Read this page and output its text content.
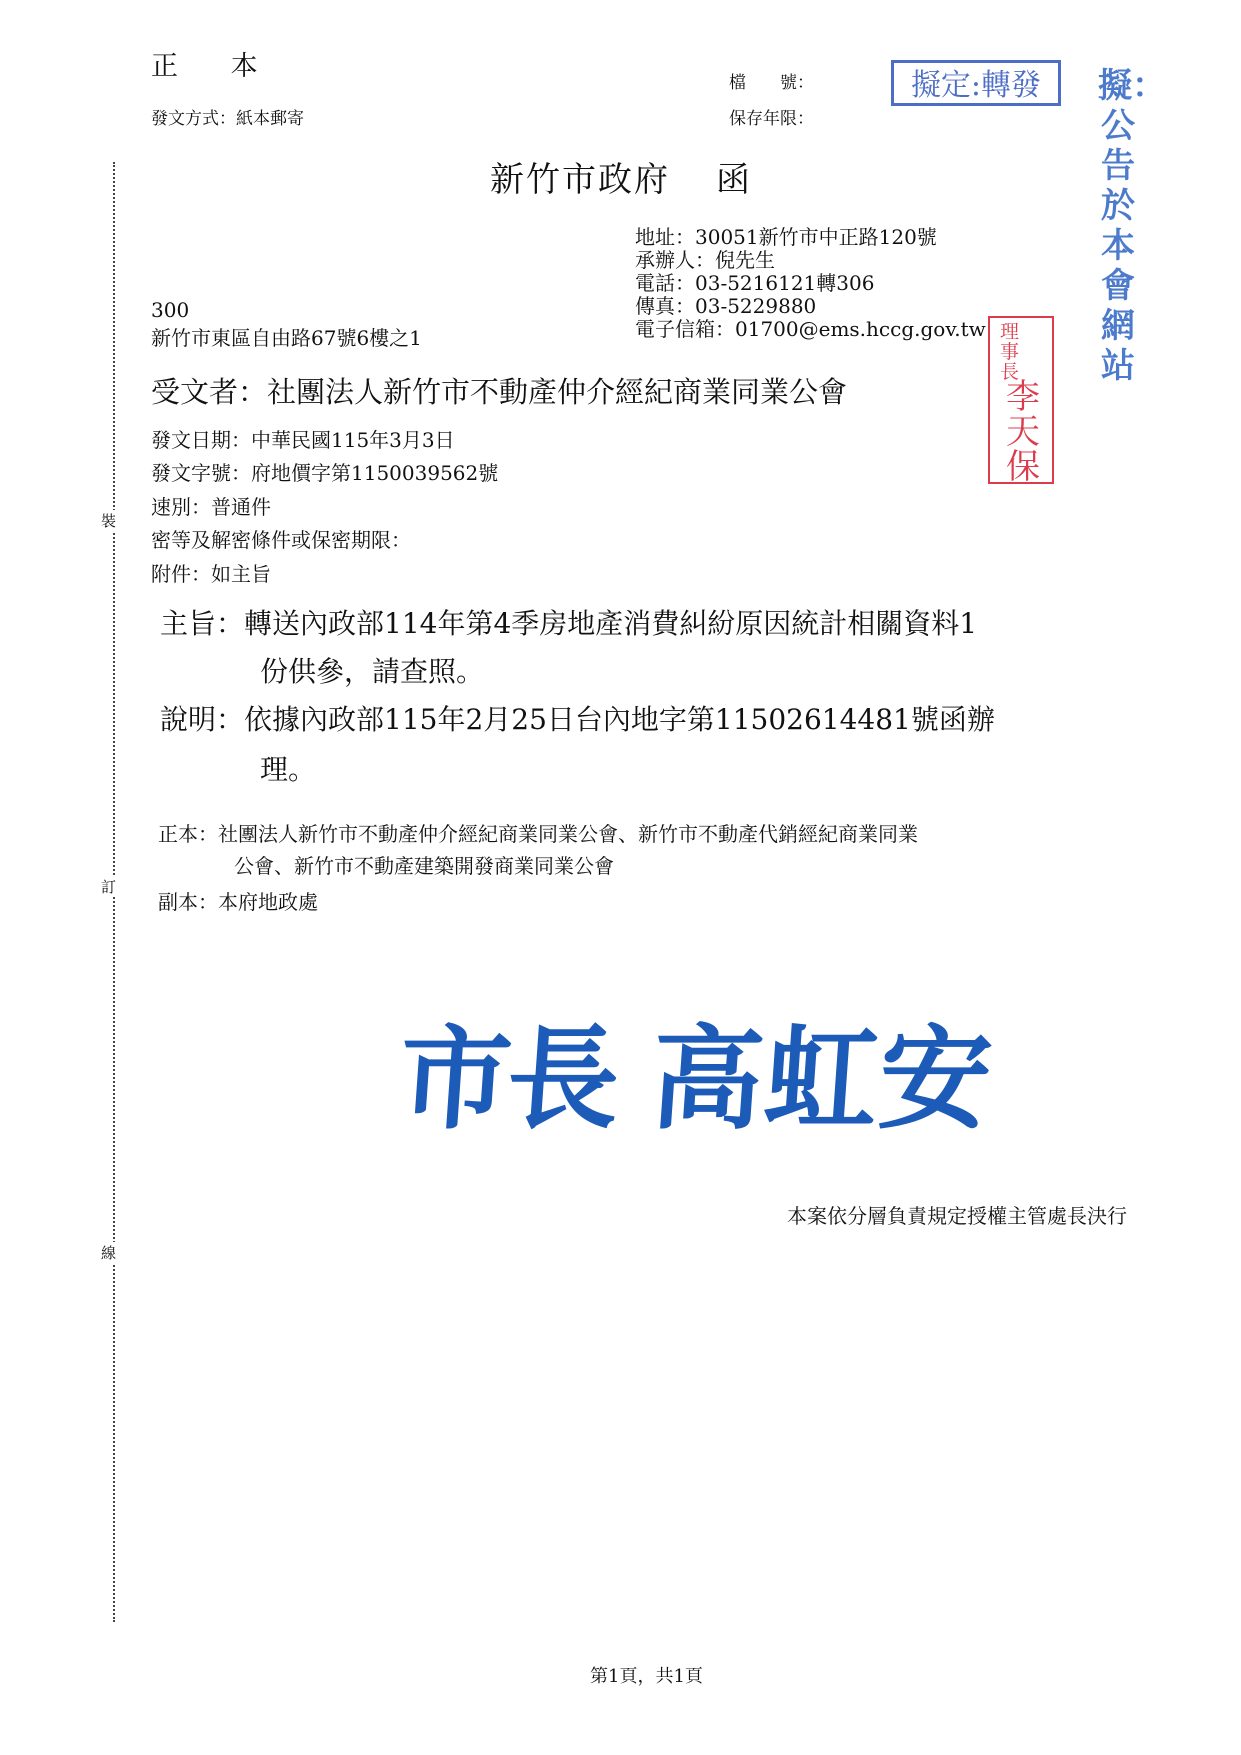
正 本
發文方式：紙本郵寄
檔　　號：
保存年限：
擬定:轉發	擬：公告於本會網站
新竹市政府 函
地址：30051新竹市中正路120號
承辦人：倪先生
電話：03-5216121轉306
傳真：03-5229880
電子信箱：01700@ems.hccg.gov.tw
300
新竹市東區自由路67號6樓之1	理事長
李天保
受文者：社團法人新竹市不動產仲介經紀商業同業公會
發文日期：中華民國115年3月3日
發文字號：府地價字第1150039562號
速別：普通件
密等及解密條件或保密期限：
附件：如主旨
主旨：轉送內政部114年第4季房地產消費糾紛原因統計相關資料1
份供參，請查照。
說明：依據內政部115年2月25日台內地字第11502614481號函辦
理。
正本：社團法人新竹市不動產仲介經紀商業同業公會、新竹市不動產代銷經紀商業同業
公會、新竹市不動產建築開發商業同業公會
副本：本府地政處
市長 高虹安
本案依分層負責規定授權主管處長決行
裝
訂
線
第1頁，共1頁
